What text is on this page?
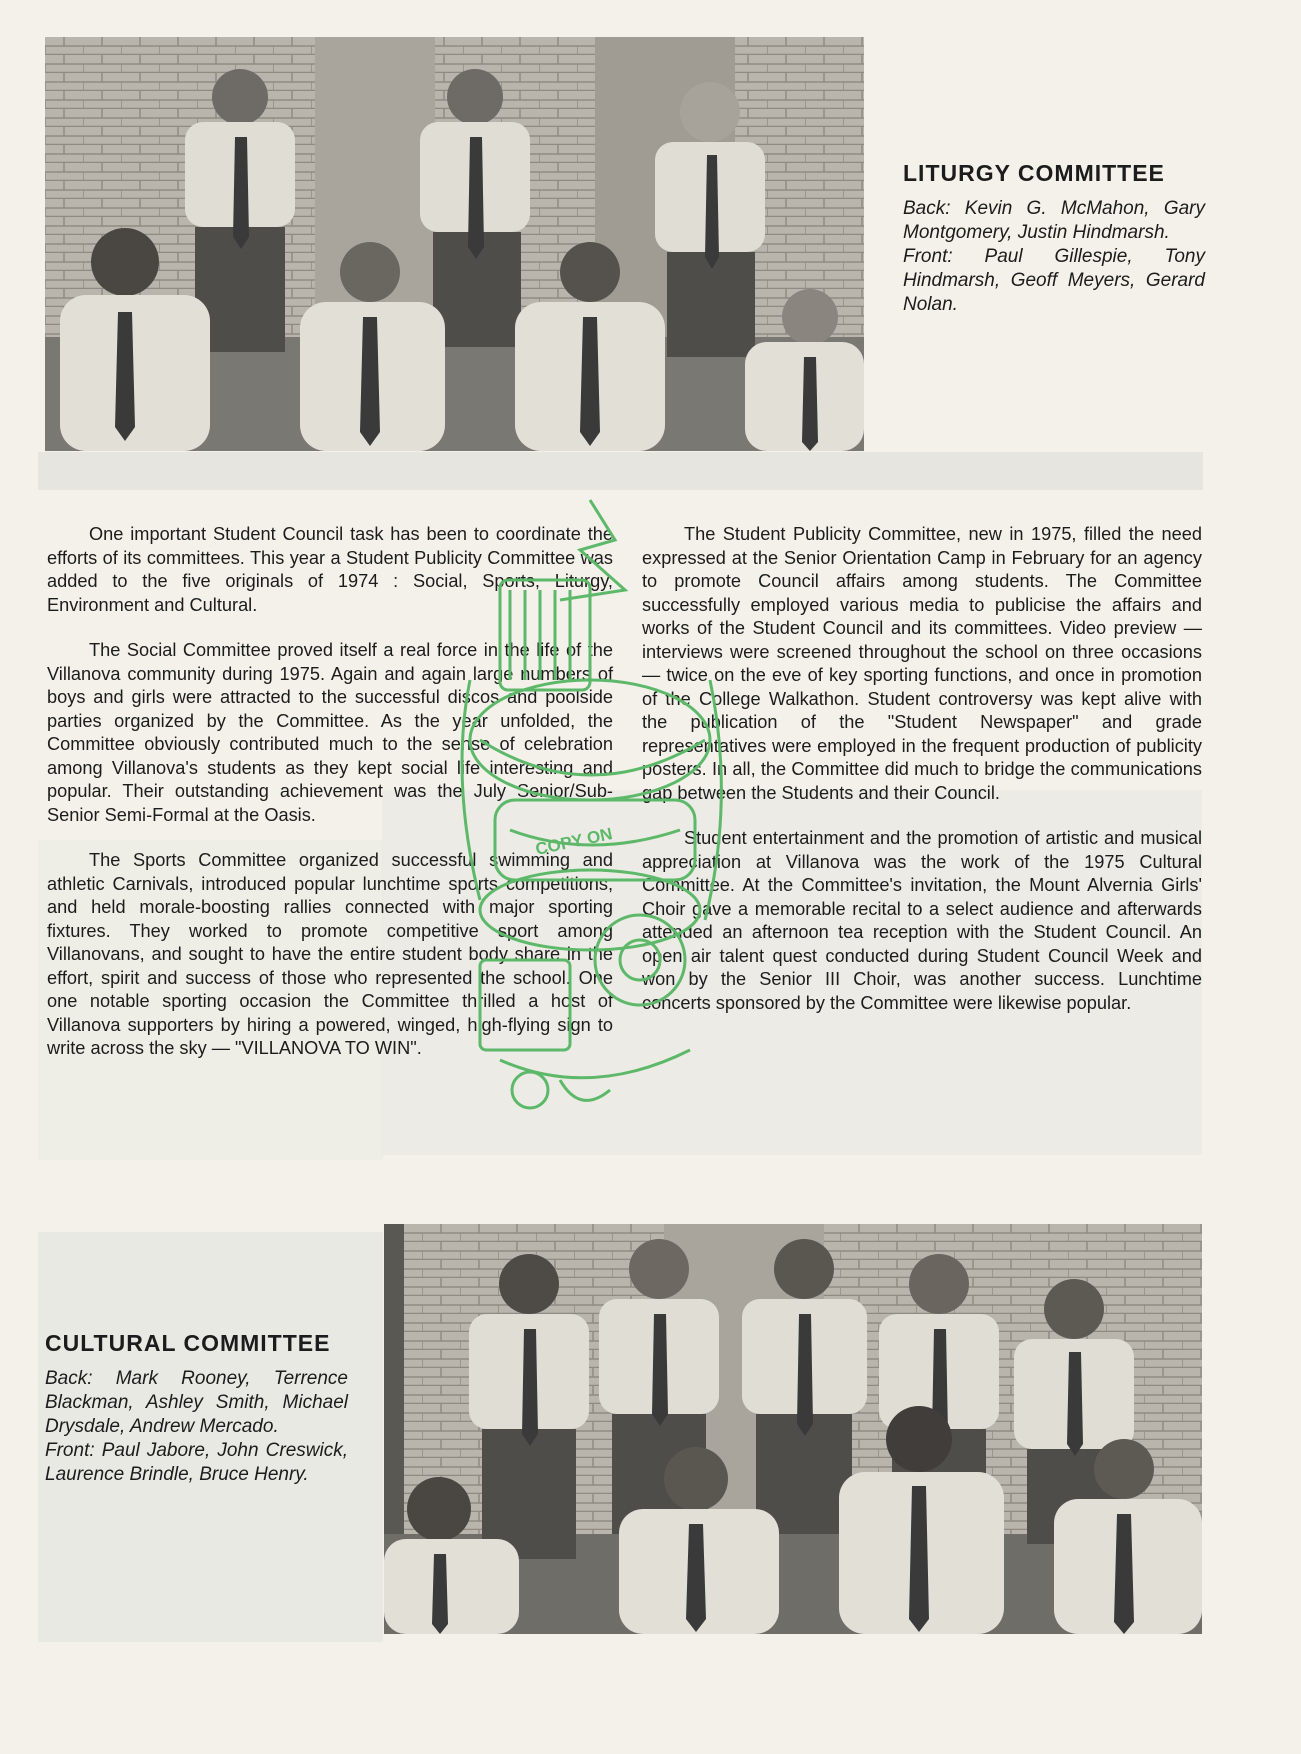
LITURGY COMMITTEE
Back: Kevin G. McMahon, Gary Montgomery, Justin Hindmarsh.
Front: Paul Gillespie, Tony Hindmarsh, Geoff Meyers, Gerard Nolan.

One important Student Council task has been to coordinate the efforts of its committees. This year a Student Publicity Committee was added to the five originals of 1974 : Social, Sports, Liturgy, Environment and Cultural.

The Social Committee proved itself a real force in the life of the Villanova community during 1975. Again and again large numbers of boys and girls were attracted to the successful discos and poolside parties organized by the Committee. As the year unfolded, the Committee obviously contributed much to the sense of celebration among Villanova's students as they kept social life interesting and popular. Their outstanding achievement was the July Senior/Sub-Senior Semi-Formal at the Oasis.

The Sports Committee organized successful swimming and athletic Carnivals, introduced popular lunchtime sports competitions, and held morale-boosting rallies connected with major sporting fixtures. They worked to promote competitive sport among Villanovans, and sought to have the entire student body share in the effort, spirit and success of those who represented the school. One one notable sporting occasion the Committee thrilled a host of Villanova supporters by hiring a powered, winged, high-flying sign to write across the sky — "VILLANOVA TO WIN".

The Student Publicity Committee, new in 1975, filled the need expressed at the Senior Orientation Camp in February for an agency to promote Council affairs among students. The Committee successfully employed various media to publicise the affairs and works of the Student Council and its committees. Video preview — interviews were screened throughout the school on three occasions — twice on the eve of key sporting functions, and once in promotion of the College Walkathon. Student controversy was kept alive with the publication of the "Student Newspaper" and grade representatives were employed in the frequent production of publicity posters. In all, the Committee did much to bridge the communications gap between the Students and their Council.

Student entertainment and the promotion of artistic and musical appreciation at Villanova was the work of the 1975 Cultural Committee. At the Committee's invitation, the Mount Alvernia Girls' Choir gave a memorable recital to a select audience and afterwards attended an afternoon tea reception with the Student Council. An open air talent quest conducted during Student Council Week and won by the Senior III Choir, was another success. Lunchtime concerts sponsored by the Committee were likewise popular.

COPY ON
CULTURAL COMMITTEE
Back: Mark Rooney, Terrence Blackman, Ashley Smith, Michael Drysdale, Andrew Mercado.
Front: Paul Jabore, John Creswick, Laurence Brindle, Bruce Henry.
